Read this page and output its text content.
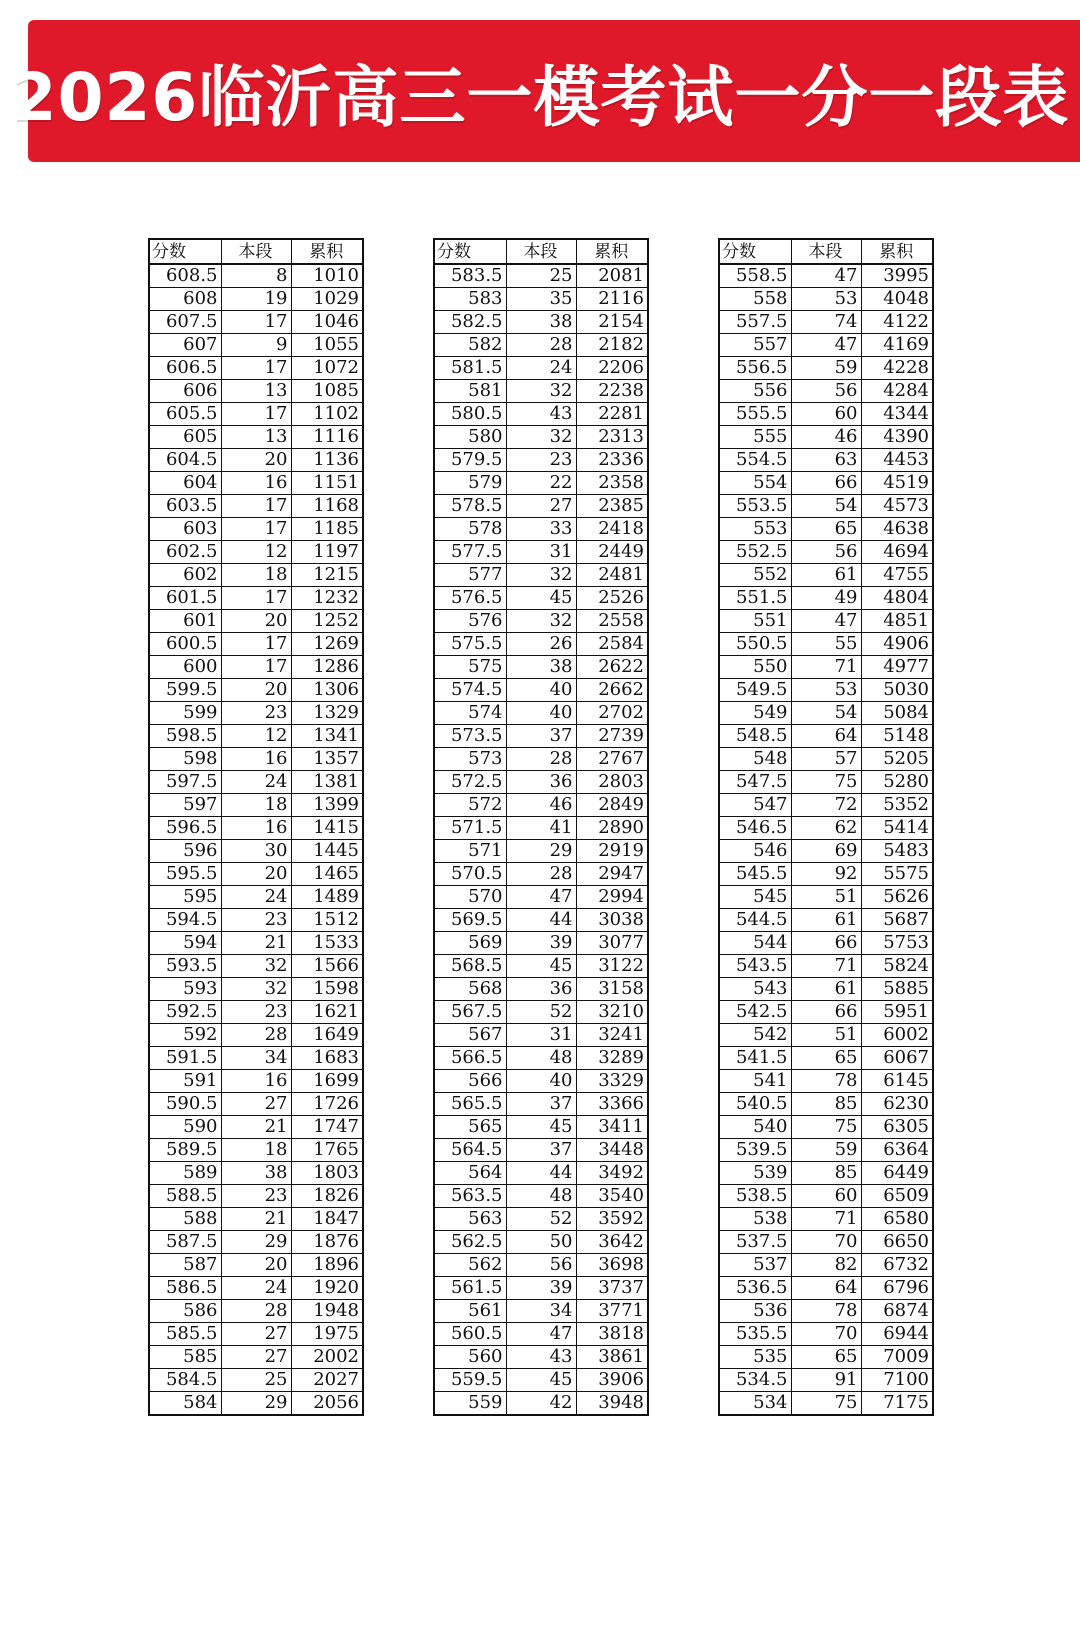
2026临沂高三一模考试一分一段表
分数	本段	累积
608.5	8	1010
608	19	1029
607.5	17	1046
607	9	1055
606.5	17	1072
606	13	1085
605.5	17	1102
605	13	1116
604.5	20	1136
604	16	1151
603.5	17	1168
603	17	1185
602.5	12	1197
602	18	1215
601.5	17	1232
601	20	1252
600.5	17	1269
600	17	1286
599.5	20	1306
599	23	1329
598.5	12	1341
598	16	1357
597.5	24	1381
597	18	1399
596.5	16	1415
596	30	1445
595.5	20	1465
595	24	1489
594.5	23	1512
594	21	1533
593.5	32	1566
593	32	1598
592.5	23	1621
592	28	1649
591.5	34	1683
591	16	1699
590.5	27	1726
590	21	1747
589.5	18	1765
589	38	1803
588.5	23	1826
588	21	1847
587.5	29	1876
587	20	1896
586.5	24	1920
586	28	1948
585.5	27	1975
585	27	2002
584.5	25	2027
584	29	2056
分数	本段	累积
583.5	25	2081
583	35	2116
582.5	38	2154
582	28	2182
581.5	24	2206
581	32	2238
580.5	43	2281
580	32	2313
579.5	23	2336
579	22	2358
578.5	27	2385
578	33	2418
577.5	31	2449
577	32	2481
576.5	45	2526
576	32	2558
575.5	26	2584
575	38	2622
574.5	40	2662
574	40	2702
573.5	37	2739
573	28	2767
572.5	36	2803
572	46	2849
571.5	41	2890
571	29	2919
570.5	28	2947
570	47	2994
569.5	44	3038
569	39	3077
568.5	45	3122
568	36	3158
567.5	52	3210
567	31	3241
566.5	48	3289
566	40	3329
565.5	37	3366
565	45	3411
564.5	37	3448
564	44	3492
563.5	48	3540
563	52	3592
562.5	50	3642
562	56	3698
561.5	39	3737
561	34	3771
560.5	47	3818
560	43	3861
559.5	45	3906
559	42	3948
分数	本段	累积
558.5	47	3995
558	53	4048
557.5	74	4122
557	47	4169
556.5	59	4228
556	56	4284
555.5	60	4344
555	46	4390
554.5	63	4453
554	66	4519
553.5	54	4573
553	65	4638
552.5	56	4694
552	61	4755
551.5	49	4804
551	47	4851
550.5	55	4906
550	71	4977
549.5	53	5030
549	54	5084
548.5	64	5148
548	57	5205
547.5	75	5280
547	72	5352
546.5	62	5414
546	69	5483
545.5	92	5575
545	51	5626
544.5	61	5687
544	66	5753
543.5	71	5824
543	61	5885
542.5	66	5951
542	51	6002
541.5	65	6067
541	78	6145
540.5	85	6230
540	75	6305
539.5	59	6364
539	85	6449
538.5	60	6509
538	71	6580
537.5	70	6650
537	82	6732
536.5	64	6796
536	78	6874
535.5	70	6944
535	65	7009
534.5	91	7100
534	75	7175
